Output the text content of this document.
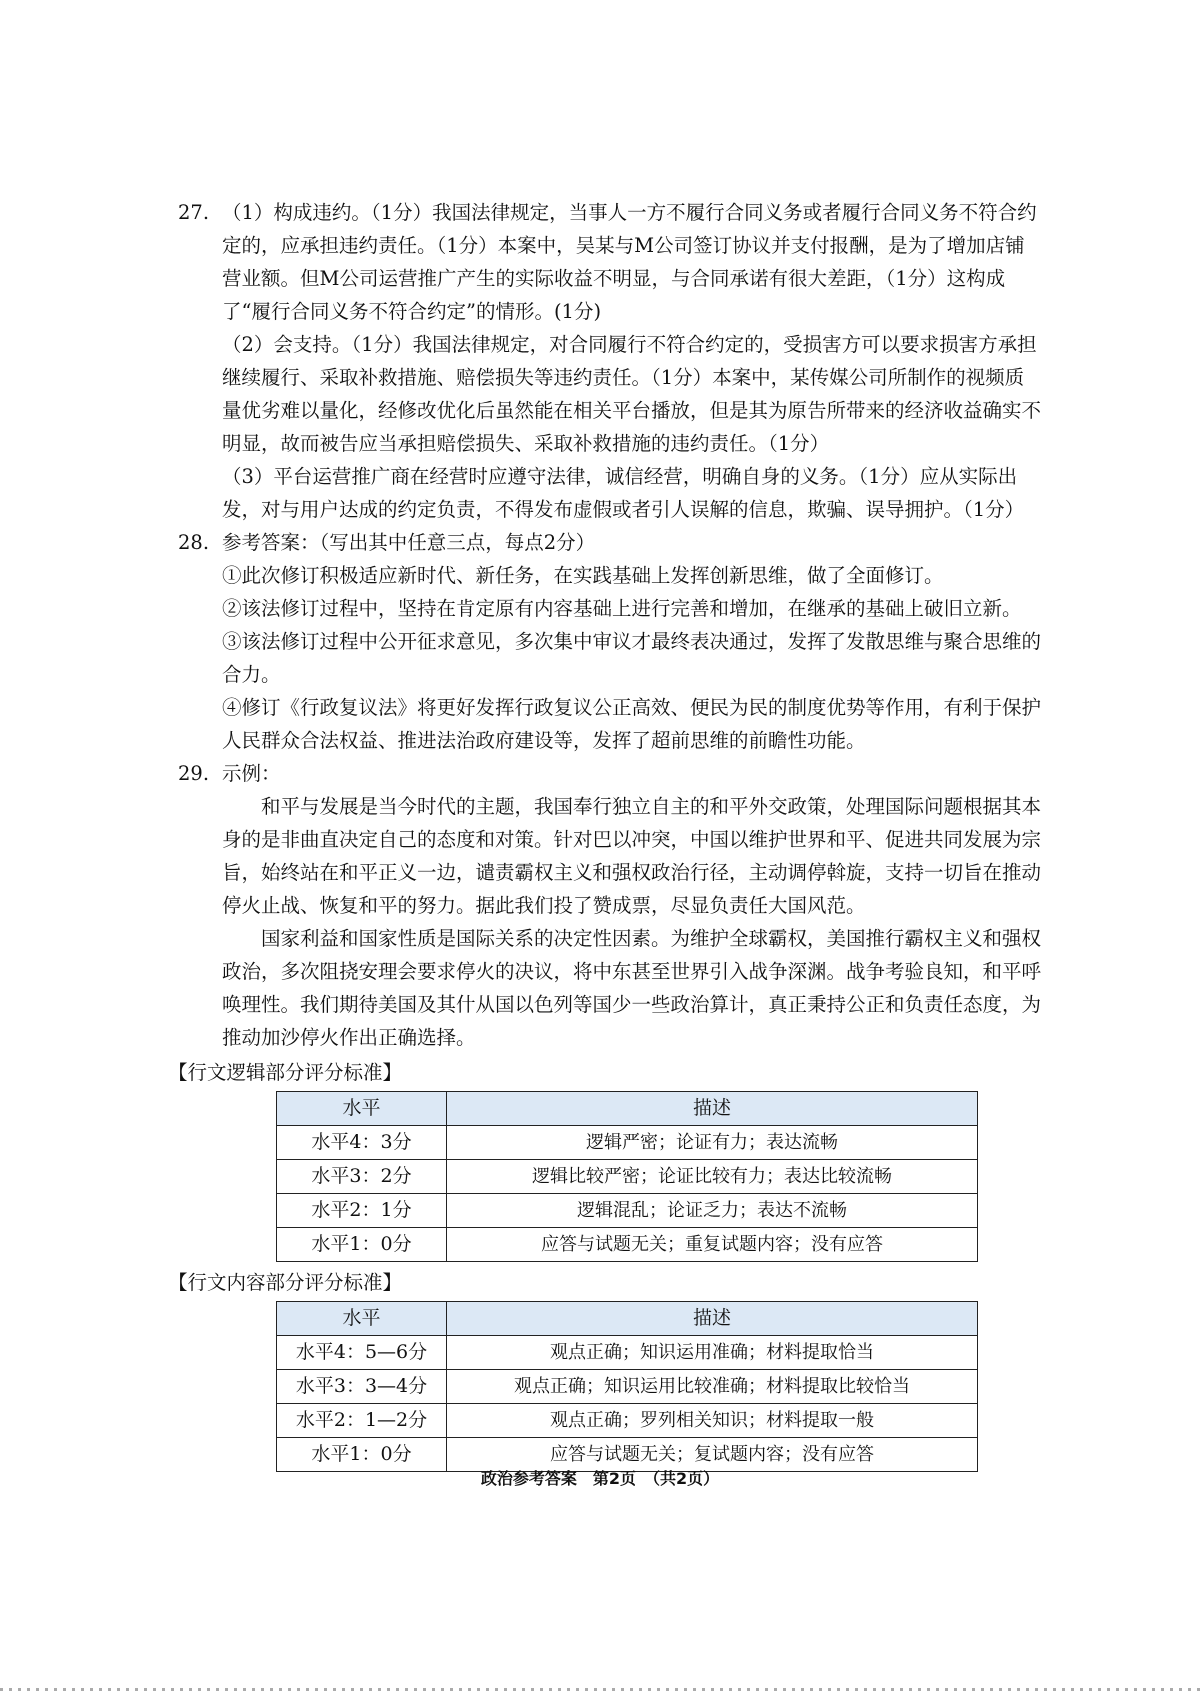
27. （1）构成违约。（1分）我国法律规定，当事人一方不履行合同义务或者履行合同义务不符合约定的，应承担违约责任。（1分）本案中，吴某与M公司签订协议并支付报酬，是为了增加店铺营业额。但M公司运营推广产生的实际收益不明显，与合同承诺有很大差距，（1分）这构成了“履行合同义务不符合约定”的情形。(1分)
（2）会支持。（1分）我国法律规定，对合同履行不符合约定的，受损害方可以要求损害方承担继续履行、采取补救措施、赔偿损失等违约责任。（1分）本案中，某传媒公司所制作的视频质量优劣难以量化，经修改优化后虽然能在相关平台播放，但是其为原告所带来的经济收益确实不明显，故而被告应当承担赔偿损失、采取补救措施的违约责任。（1分）
（3）平台运营推广商在经营时应遵守法律，诚信经营，明确自身的义务。（1分）应从实际出发，对与用户达成的约定负责，不得发布虚假或者引人误解的信息，欺骗、误导拥护。（1分）
28. 参考答案：（写出其中任意三点，每点2分）
①此次修订积极适应新时代、新任务，在实践基础上发挥创新思维，做了全面修订。
②该法修订过程中，坚持在肯定原有内容基础上进行完善和增加，在继承的基础上破旧立新。
③该法修订过程中公开征求意见，多次集中审议才最终表决通过，发挥了发散思维与聚合思维的合力。
④修订《行政复议法》将更好发挥行政复议公正高效、便民为民的制度优势等作用，有利于保护人民群众合法权益、推进法治政府建设等，发挥了超前思维的前瞻性功能。
29. 示例：
和平与发展是当今时代的主题，我国奉行独立自主的和平外交政策，处理国际问题根据其本身的是非曲直决定自己的态度和对策。针对巴以冲突，中国以维护世界和平、促进共同发展为宗旨，始终站在和平正义一边，谴责霸权主义和强权政治行径，主动调停斡旋，支持一切旨在推动停火止战、恢复和平的努力。据此我们投了赞成票，尽显负责任大国风范。
国家利益和国家性质是国际关系的决定性因素。为维护全球霸权，美国推行霸权主义和强权政治，多次阻挠安理会要求停火的决议，将中东甚至世界引入战争深渊。战争考验良知，和平呼唤理性。我们期待美国及其什从国以色列等国少一些政治算计，真正秉持公正和负责任态度，为推动加沙停火作出正确选择。
【行文逻辑部分评分标准】
水平	描述
水平4：3分	逻辑严密；论证有力；表达流畅
水平3：2分	逻辑比较严密；论证比较有力；表达比较流畅
水平2：1分	逻辑混乱；论证乏力；表达不流畅
水平1：0分	应答与试题无关；重复试题内容；没有应答
【行文内容部分评分标准】
水平	描述
水平4：5—6分	观点正确；知识运用准确；材料提取恰当
水平3：3—4分	观点正确；知识运用比较准确；材料提取比较恰当
水平2：1—2分	观点正确；罗列相关知识；材料提取一般
水平1：0分	应答与试题无关；复试题内容；没有应答
政治参考答案　第2页　（共2页）
